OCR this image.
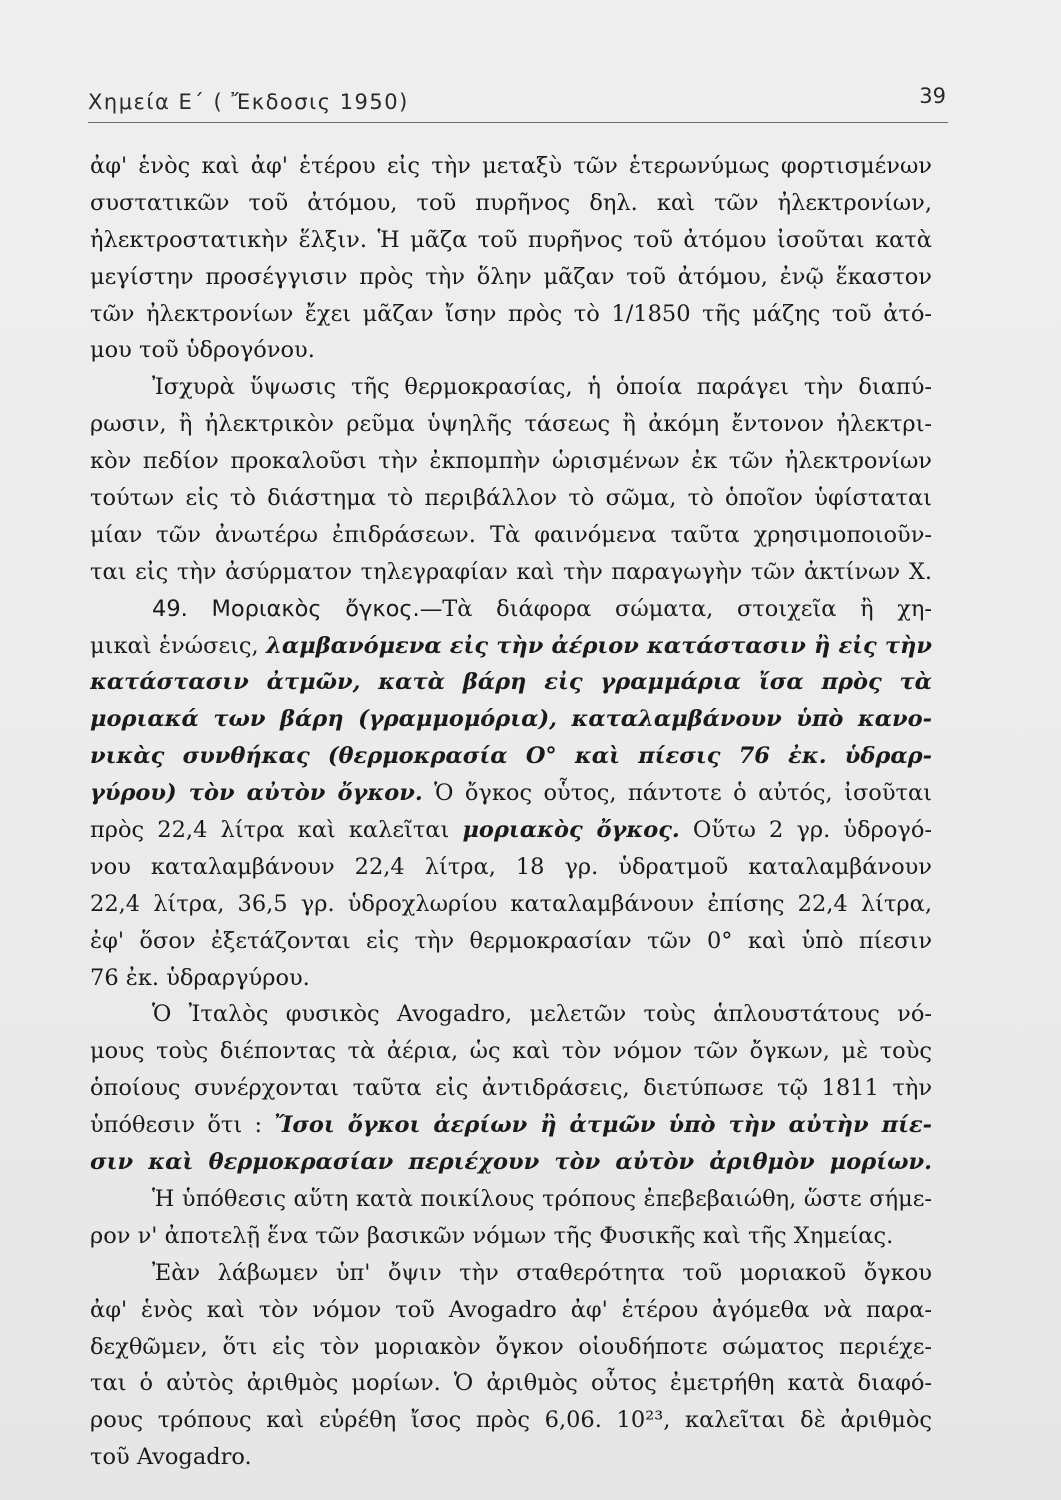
Χημεία Ε΄ ( Ἔκδοσις 1950)	39
ἀφ' ἑνὸς καὶ ἀφ' ἑτέρου εἰς τὴν μεταξὺ τῶν ἑτερωνύμως φορτισμένων
συστατικῶν τοῦ ἀτόμου, τοῦ πυρῆνος δηλ. καὶ τῶν ἠλεκτρονίων,
ἠλεκτροστατικὴν ἕλξιν. Ἡ μᾶζα τοῦ πυρῆνος τοῦ ἀτόμου ἰσοῦται κατὰ
μεγίστην προσέγγισιν πρὸς τὴν ὅλην μᾶζαν τοῦ ἀτόμου, ἐνῷ ἕκαστον
τῶν ἠλεκτρονίων ἔχει μᾶζαν ἴσην πρὸς τὸ 1/1850 τῆς μάζης τοῦ ἀτό-
μου τοῦ ὑδρογόνου.
Ἰσχυρὰ ὕψωσις τῆς θερμοκρασίας, ἡ ὁποία παράγει τὴν διαπύ-
ρωσιν, ἢ ἠλεκτρικὸν ρεῦμα ὑψηλῆς τάσεως ἢ ἀκόμη ἔντονον ἠλεκτρι-
κὸν πεδίον προκαλοῦσι τὴν ἐκπομπὴν ὡρισμένων ἐκ τῶν ἠλεκτρονίων
τούτων εἰς τὸ διάστημα τὸ περιβάλλον τὸ σῶμα, τὸ ὁποῖον ὑφίσταται
μίαν τῶν ἀνωτέρω ἐπιδράσεων. Τὰ φαινόμενα ταῦτα χρησιμοποιοῦν-
ται εἰς τὴν ἀσύρματον τηλεγραφίαν καὶ τὴν παραγωγὴν τῶν ἀκτίνων Χ.
49. Μοριακὸς ὄγκος.—Τὰ διάφορα σώματα, στοιχεῖα ἢ χη-
μικαὶ ἑνώσεις, λαμβανόμενα εἰς τὴν ἀέριον κατάστασιν ἢ εἰς τὴν
κατάστασιν ἀτμῶν, κατὰ βάρη εἰς γραμμάρια ἴσα πρὸς τὰ
μοριακά των βάρη (γραμμομόρια), καταλαμβάνουν ὑπὸ κανο-
νικὰς συνθήκας (θερμοκρασία O° καὶ πίεσις 76 ἐκ. ὑδραρ-
γύρου) τὸν αὐτὸν ὄγκον. Ὁ ὄγκος οὗτος, πάντοτε ὁ αὐτός, ἰσοῦται
πρὸς 22,4 λίτρα καὶ καλεῖται μοριακὸς ὄγκος. Οὕτω 2 γρ. ὑδρογό-
νου καταλαμβάνουν 22,4 λίτρα, 18 γρ. ὑδρατμοῦ καταλαμβάνουν
22,4 λίτρα, 36,5 γρ. ὑδροχλωρίου καταλαμβάνουν ἐπίσης 22,4 λίτρα,
ἐφ' ὅσον ἐξετάζονται εἰς τὴν θερμοκρασίαν τῶν 0° καὶ ὑπὸ πίεσιν
76 ἐκ. ὑδραργύρου.
Ὁ Ἰταλὸς φυσικὸς Avogadro, μελετῶν τοὺς ἁπλουστάτους νό-
μους τοὺς διέποντας τὰ ἀέρια, ὡς καὶ τὸν νόμον τῶν ὄγκων, μὲ τοὺς
ὁποίους συνέρχονται ταῦτα εἰς ἀντιδράσεις, διετύπωσε τῷ 1811 τὴν
ὑπόθεσιν ὅτι : Ἴσοι ὄγκοι ἀερίων ἢ ἀτμῶν ὑπὸ τὴν αὐτὴν πίε-
σιν καὶ θερμοκρασίαν περιέχουν τὸν αὐτὸν ἀριθμὸν μορίων.
Ἡ ὑπόθεσις αὕτη κατὰ ποικίλους τρόπους ἐπεβεβαιώθη, ὥστε σήμε-
ρον ν' ἀποτελῇ ἕνα τῶν βασικῶν νόμων τῆς Φυσικῆς καὶ τῆς Χημείας.
Ἐὰν λάβωμεν ὑπ' ὄψιν τὴν σταθερότητα τοῦ μοριακοῦ ὄγκου
ἀφ' ἑνὸς καὶ τὸν νόμον τοῦ Avogadro ἀφ' ἑτέρου ἀγόμεθα νὰ παρα-
δεχθῶμεν, ὅτι εἰς τὸν μοριακὸν ὄγκον οἱουδήποτε σώματος περιέχε-
ται ὁ αὐτὸς ἀριθμὸς μορίων. Ὁ ἀριθμὸς οὗτος ἐμετρήθη κατὰ διαφό-
ρους τρόπους καὶ εὑρέθη ἴσος πρὸς 6,06. 10²³, καλεῖται δὲ ἀριθμὸς
τοῦ Avogadro.
